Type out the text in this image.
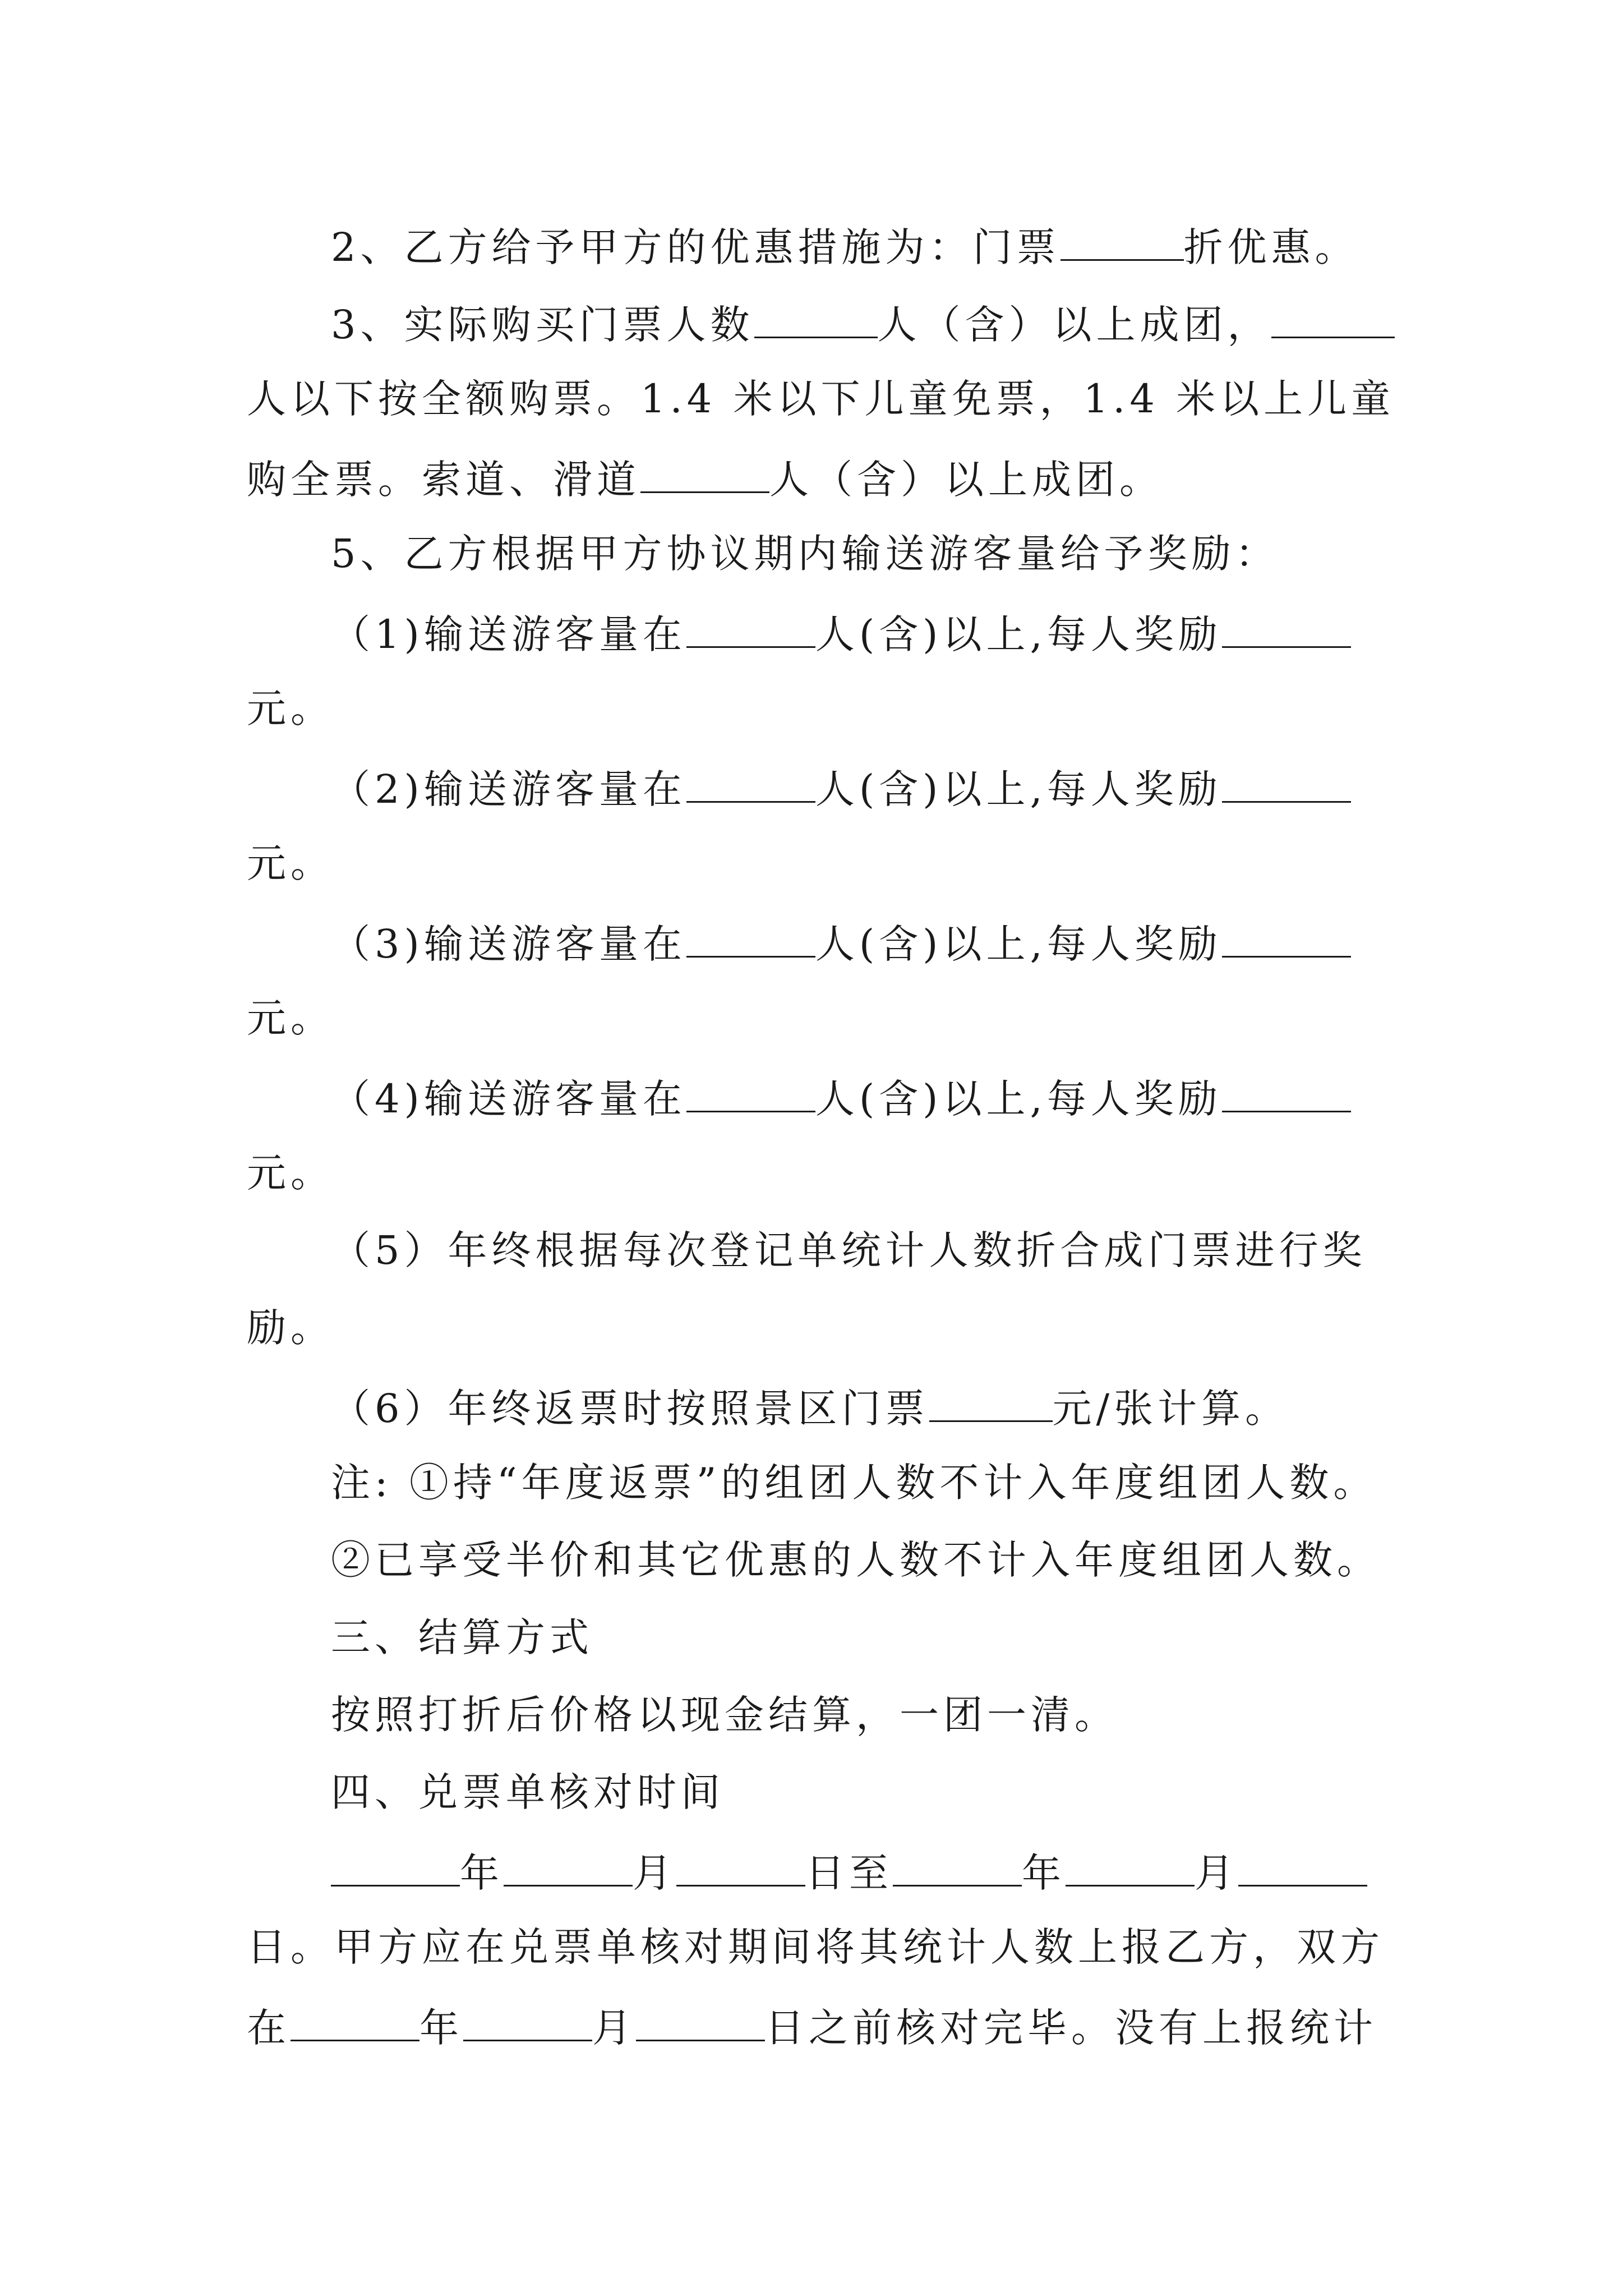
2、乙方给予甲方的优惠措施为：门票	折优惠。
3、实际购买门票人数	人（含）以上成团，
人以下按全额购票。1.4 米以下儿童免票，1.4 米以上儿童
购全票。索道、滑道	人（含）以上成团。
5、乙方根据甲方协议期内输送游客量给予奖励：
（1)输送游客量在	人(含)以上,每人奖励
元。
（2)输送游客量在	人(含)以上,每人奖励
元。
（3)输送游客量在	人(含)以上,每人奖励
元。
（4)输送游客量在	人(含)以上,每人奖励
元。
（5）年终根据每次登记单统计人数折合成门票进行奖
励。
（6）年终返票时按照景区门票	元/张计算。
注: ①持“年度返票”的组团人数不计入年度组团人数。
②已享受半价和其它优惠的人数不计入年度组团人数。
三、结算方式
按照打折后价格以现金结算，一团一清。
四、兑票单核对时间
年	月	日至	年	月
日。甲方应在兑票单核对期间将其统计人数上报乙方，双方
在	年	月	日之前核对完毕。没有上报统计
